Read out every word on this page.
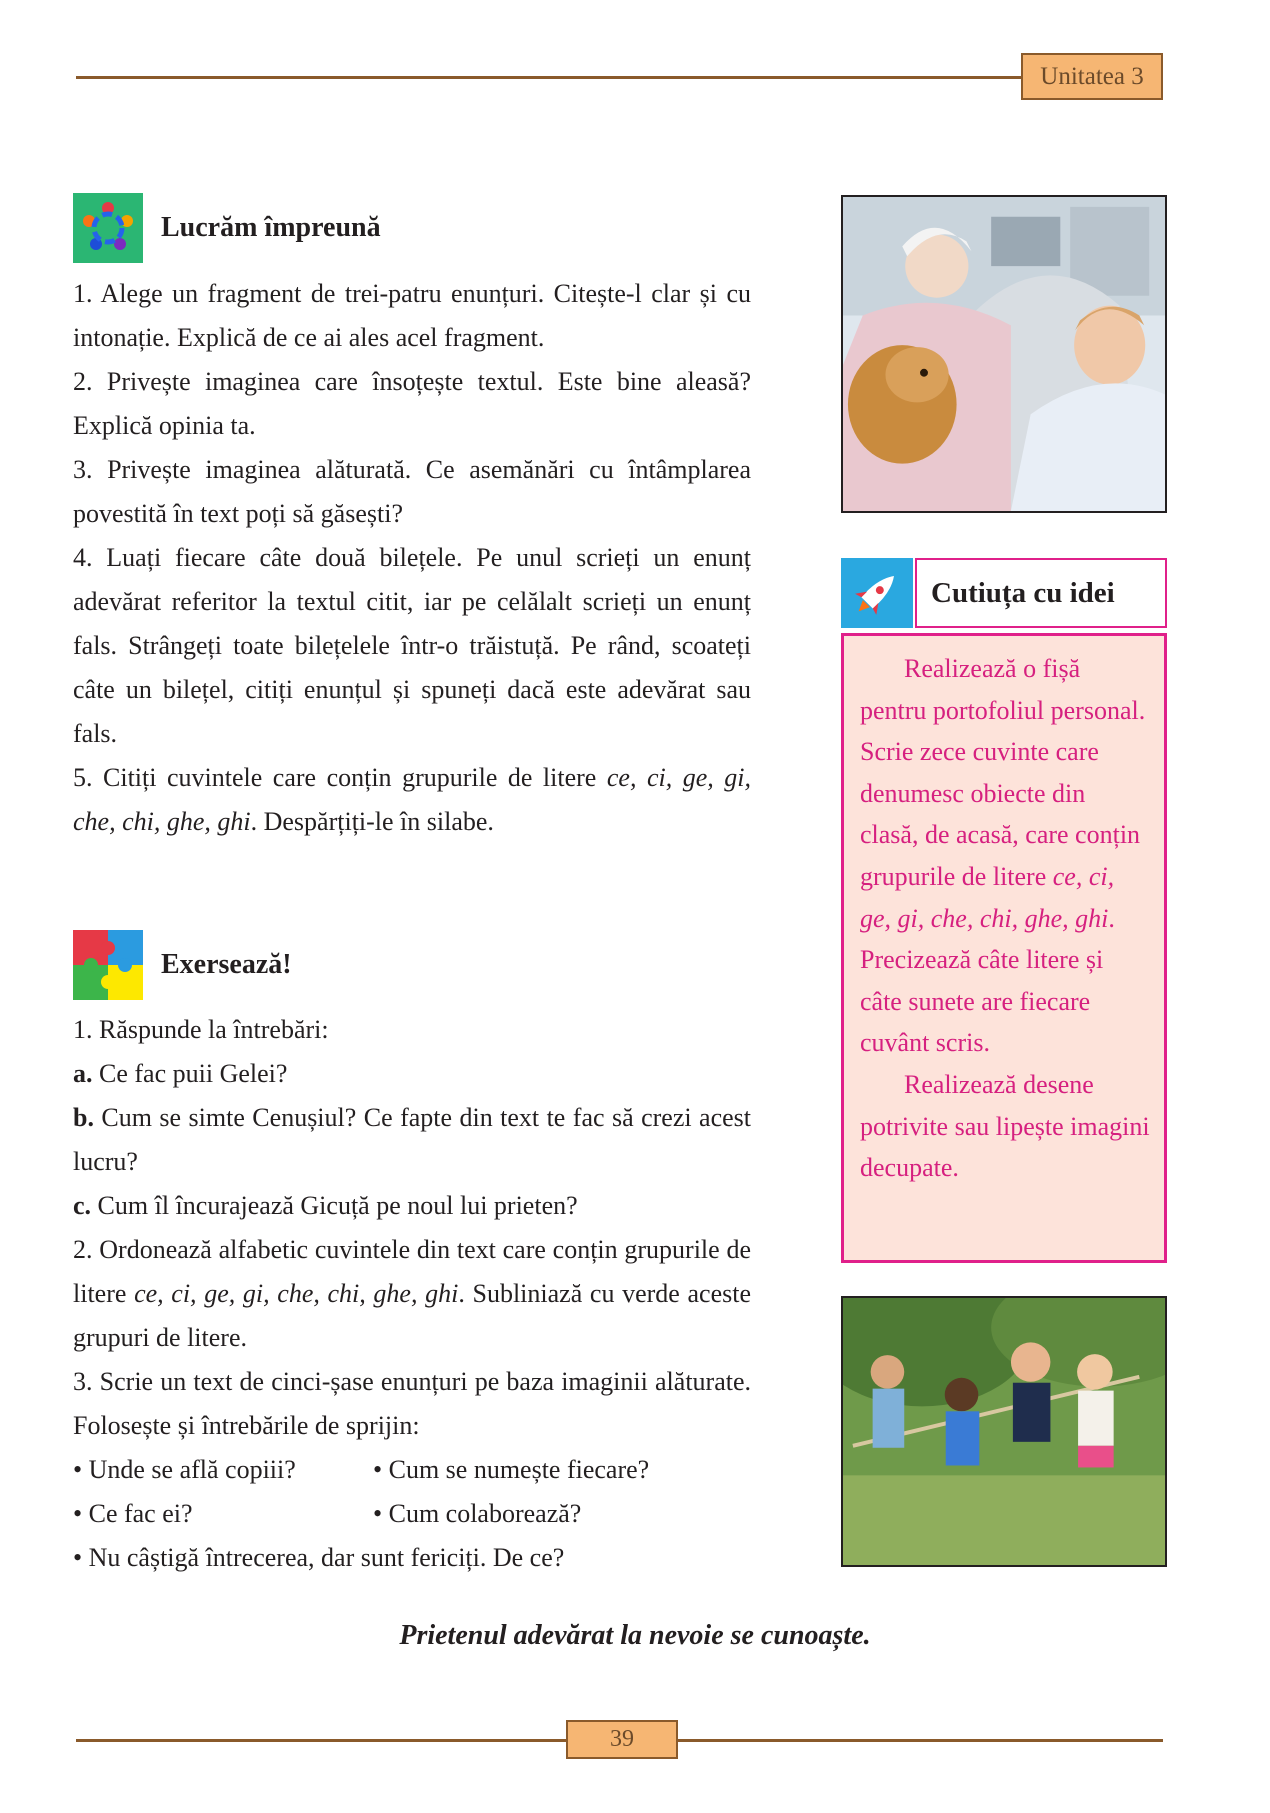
Unitatea 3
Lucrăm împreună

1. Alege un fragment de trei-patru enunțuri. Citește-l clar și cu intonație. Explică de ce ai ales acel fragment.

2. Privește imaginea care însoțește textul. Este bine aleasă? Explică opinia ta.

3. Privește imaginea alăturată. Ce asemănări cu întâmplarea povestită în text poți să găsești?

4. Luați fiecare câte două bilețele. Pe unul scrieți un enunț adevărat referitor la textul citit, iar pe celălalt scrieți un enunț fals. Strângeți toate bilețelele într-o trăistuță. Pe rând, scoateți câte un bilețel, citiți enunțul și spuneți dacă este adevărat sau fals.

5. Citiți cuvintele care conțin grupurile de litere ce, ci, ge, gi, che, chi, ghe, ghi. Despărțiți-le în silabe.

Exersează!

1. Răspunde la întrebări:

a. Ce fac puii Gelei?

b. Cum se simte Cenușiul? Ce fapte din text te fac să crezi acest lucru?

c. Cum îl încurajează Gicuță pe noul lui prieten?

2. Ordonează alfabetic cuvintele din text care conțin grupurile de litere ce, ci, ge, gi, che, chi, ghe, ghi. Subliniază cu verde aceste grupuri de litere.

3. Scrie un text de cinci-șase enunțuri pe baza imaginii alăturate. Folosește și întrebările de sprijin:

• Unde se află copiii?	• Cum se numește fiecare?
• Ce fac ei?	• Cum colaborează?
• Nu câștigă întrecerea, dar sunt fericiți. De ce?
Cutiuța cu idei

Realizează o fișă pentru portofoliul personal. Scrie zece cuvinte care denumesc obiecte din clasă, de acasă, care conțin grupurile de litere ce, ci, ge, gi, che, chi, ghe, ghi. Precizează câte litere și câte sunete are fiecare cuvânt scris.

Realizează desene potrivite sau lipește imagini decupate.

Prietenul adevărat la nevoie se cunoaște.
39
